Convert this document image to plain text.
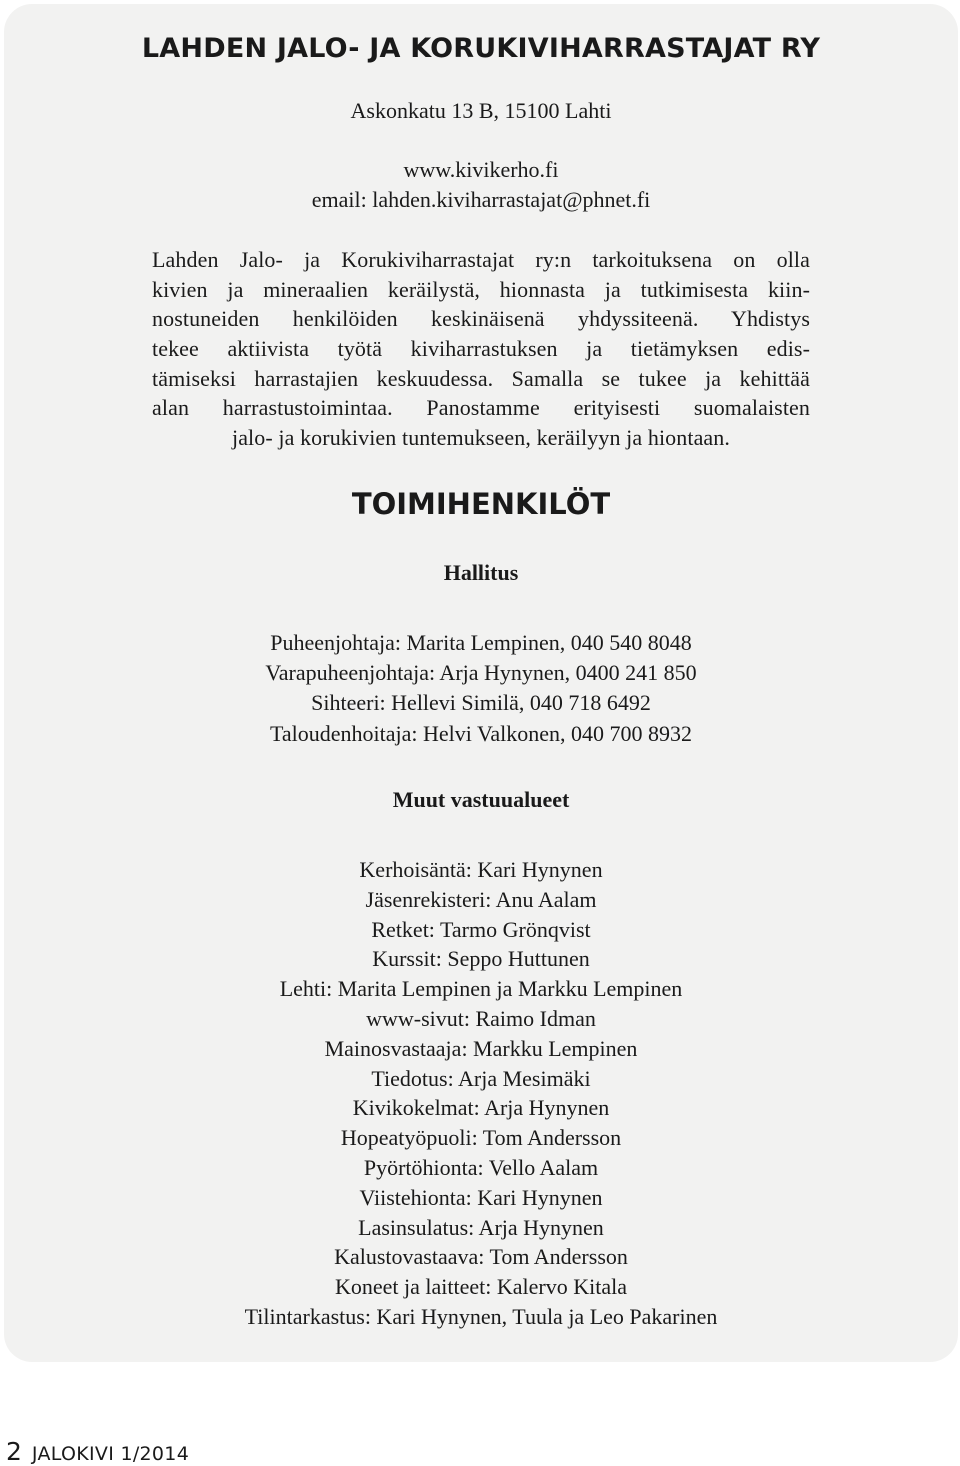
LAHDEN JALO- JA KORUKIVIHARRASTAJAT RY

Askonkatu 13 B, 15100 Lahti

www.kivikerho.fi

email: lahden.kiviharrastajat@phnet.fi

Lahden Jalo- ja Korukiviharrastajat ry:n tarkoituksena on olla
kivien ja mineraalien keräilystä, hionnasta ja tutkimisesta kiin-
nostuneiden henkilöiden keskinäisenä yhdyssiteenä. Yhdistys
tekee aktiivista työtä kiviharrastuksen ja tietämyksen edis-
tämiseksi harrastajien keskuudessa. Samalla se tukee ja kehittää
alan harrastustoimintaa. Panostamme erityisesti suomalaisten
jalo- ja korukivien tuntemukseen, keräilyyn ja hiontaan.
TOIMIHENKILÖT
Hallitus
Puheenjohtaja: Marita Lempinen, 040 540 8048
Varapuheenjohtaja: Arja Hynynen, 0400 241 850
Sihteeri: Hellevi Similä, 040 718 6492
Taloudenhoitaja: Helvi Valkonen, 040 700 8932
Muut vastuualueet
Kerhoisäntä: Kari Hynynen
Jäsenrekisteri: Anu Aalam
Retket: Tarmo Grönqvist
Kurssit: Seppo Huttunen
Lehti: Marita Lempinen ja Markku Lempinen
www-sivut: Raimo Idman
Mainosvastaaja: Markku Lempinen
Tiedotus: Arja Mesimäki
Kivikokelmat: Arja Hynynen
Hopeatyöpuoli: Tom Andersson
Pyörtöhionta: Vello Aalam
Viistehionta: Kari Hynynen
Lasinsulatus: Arja Hynynen
Kalustovastaava: Tom Andersson
Koneet ja laitteet: Kalervo Kitala
Tilintarkastus: Kari Hynynen, Tuula ja Leo Pakarinen
2 JALOKIVI 1/2014
